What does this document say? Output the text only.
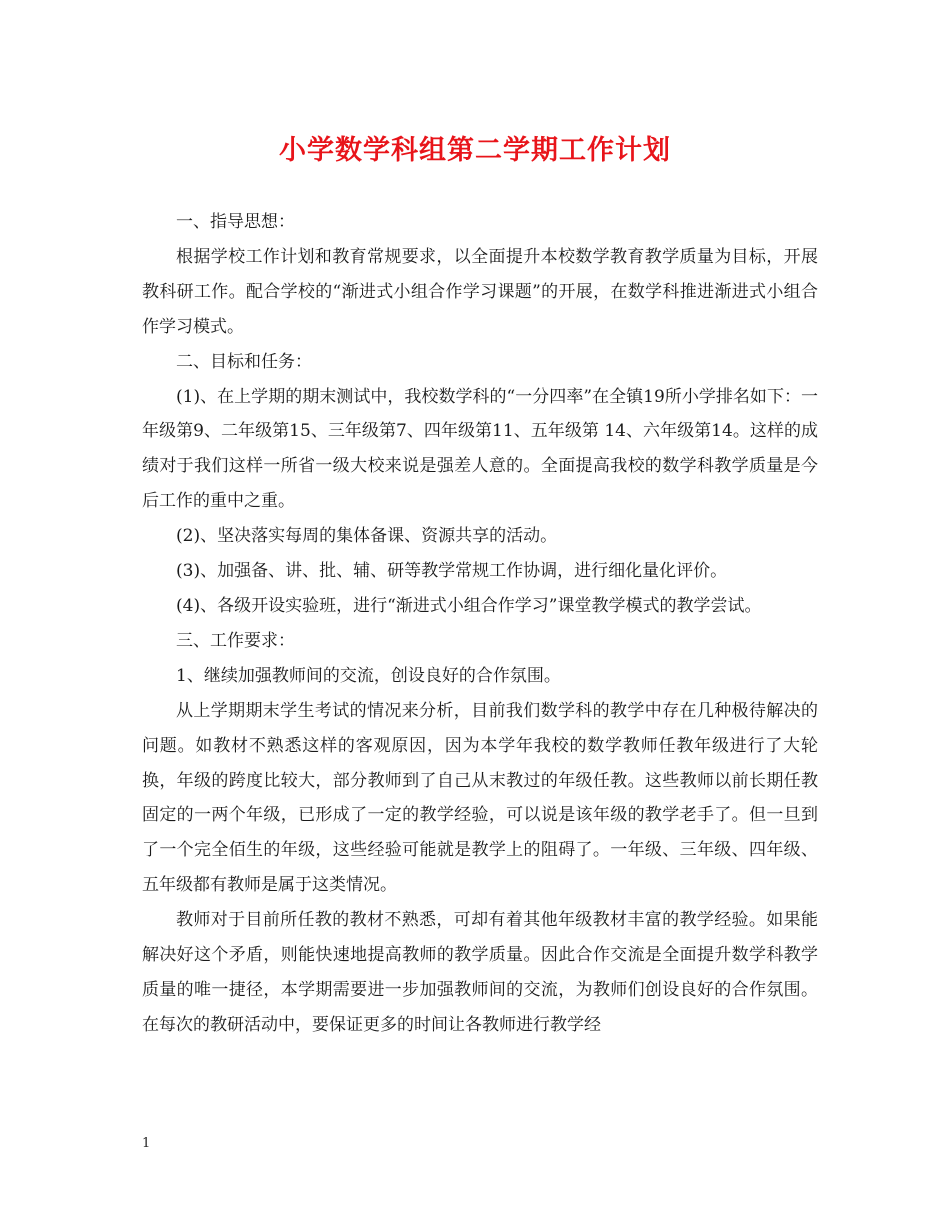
小学数学科组第二学期工作计划

一、指导思想：

根据学校工作计划和教育常规要求，以全面提升本校数学教育教学质量为目标，开展教科研工作。配合学校的“渐进式小组合作学习课题”的开展，在数学科推进渐进式小组合作学习模式。

二、目标和任务：

(1)、在上学期的期末测试中，我校数学科的“一分四率”在全镇19所小学排名如下：一年级第9、二年级第15、三年级第7、四年级第11、五年级第 14、六年级第14。这样的成绩对于我们这样一所省一级大校来说是强差人意的。全面提高我校的数学科教学质量是今后工作的重中之重。

(2)、坚决落实每周的集体备课、资源共享的活动。

(3)、加强备、讲、批、辅、研等教学常规工作协调，进行细化量化评价。

(4)、各级开设实验班，进行“渐进式小组合作学习”课堂教学模式的教学尝试。

三、工作要求：

1、继续加强教师间的交流，创设良好的合作氛围。

从上学期期末学生考试的情况来分析，目前我们数学科的教学中存在几种极待解决的问题。如教材不熟悉这样的客观原因，因为本学年我校的数学教师任教年级进行了大轮换，年级的跨度比较大，部分教师到了自己从末教过的年级任教。这些教师以前长期任教固定的一两个年级，已形成了一定的教学经验，可以说是该年级的教学老手了。但一旦到了一个完全佰生的年级，这些经验可能就是教学上的阻碍了。一年级、三年级、四年级、五年级都有教师是属于这类情况。

教师对于目前所任教的教材不熟悉，可却有着其他年级教材丰富的教学经验。如果能解决好这个矛盾，则能快速地提高教师的教学质量。因此合作交流是全面提升数学科教学质量的唯一捷径，本学期需要进一步加强教师间的交流，为教师们创设良好的合作氛围。在每次的教研活动中，要保证更多的时间让各教师进行教学经

1
